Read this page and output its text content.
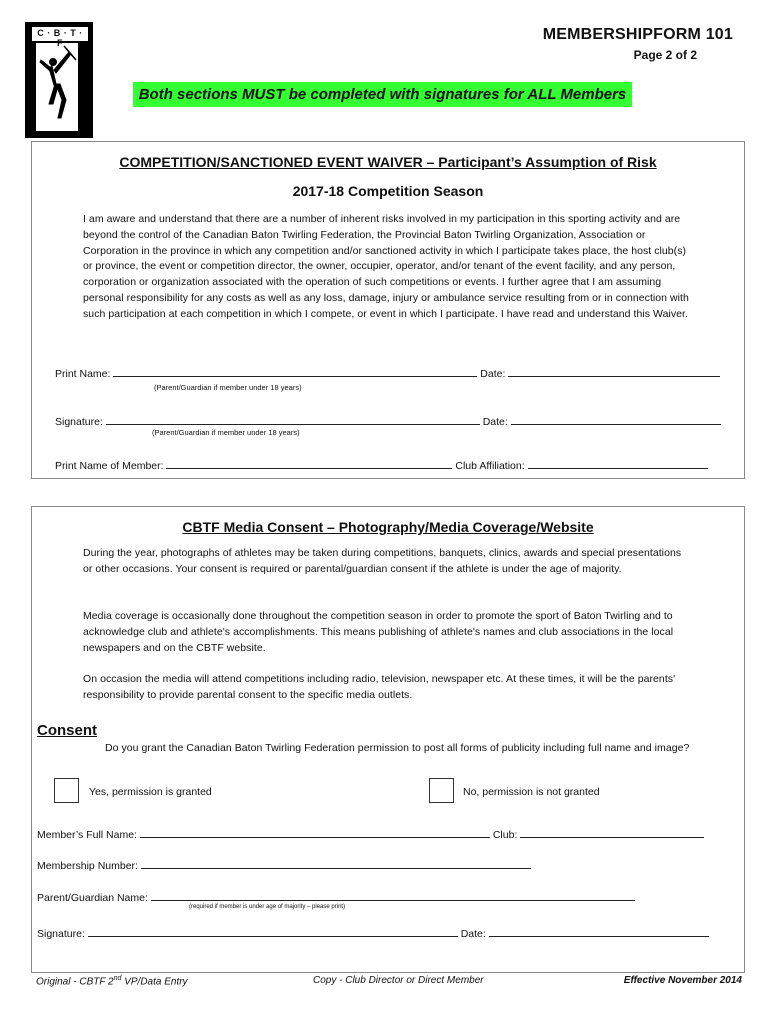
C · B · T · F	MEMBERSHIPFORM 101
Page 2 of 2
Both sections MUST be completed with signatures for ALL Members
COMPETITION/SANCTIONED EVENT WAIVER – Participant’s Assumption of Risk
2017-18 Competition Season
I am aware and understand that there are a number of inherent risks involved in my participation in this sporting activity and are beyond the control of the Canadian Baton Twirling Federation, the Provincial Baton Twirling Organization, Association or Corporation in the province in which any competition and/or sanctioned activity in which I participate takes place, the host club(s) or province, the event or competition director, the owner, occupier, operator, and/or tenant of the event facility, and any person, corporation or organization associated with the operation of such competitions or events. I further agree that I am assuming personal responsibility for any costs as well as any loss, damage, injury or ambulance service resulting from or in connection with such participation at each competition in which I compete, or event in which I participate. I have read and understand this Waiver.
Print Name:	Date:
(Parent/Guardian if member under 18 years)
Signature:	Date:
(Parent/Guardian if member under 18 years)
Print Name of Member:	Club Affiliation:
CBTF Media Consent – Photography/Media Coverage/Website
During the year, photographs of athletes may be taken during competitions, banquets, clinics, awards and special presentations or other occasions. Your consent is required or parental/guardian consent if the athlete is under the age of majority.
Media coverage is occasionally done throughout the competition season in order to promote the sport of Baton Twirling and to acknowledge club and athlete's accomplishments. This means publishing of athlete's names and club associations in the local newspapers and on the CBTF website.
On occasion the media will attend competitions including radio, television, newspaper etc. At these times, it will be the parents' responsibility to provide parental consent to the specific media outlets.
Consent
Do you grant the Canadian Baton Twirling Federation permission to post all forms of publicity including full name and image?
Yes, permission is granted	No, permission is not granted
Member’s Full Name:	Club:
Membership Number:
Parent/Guardian Name:
(required if member is under age of majority – please print)
Signature:	Date:
Original - CBTF 2nd VP/Data Entry	Copy - Club Director or Direct Member	Effective November 2014
